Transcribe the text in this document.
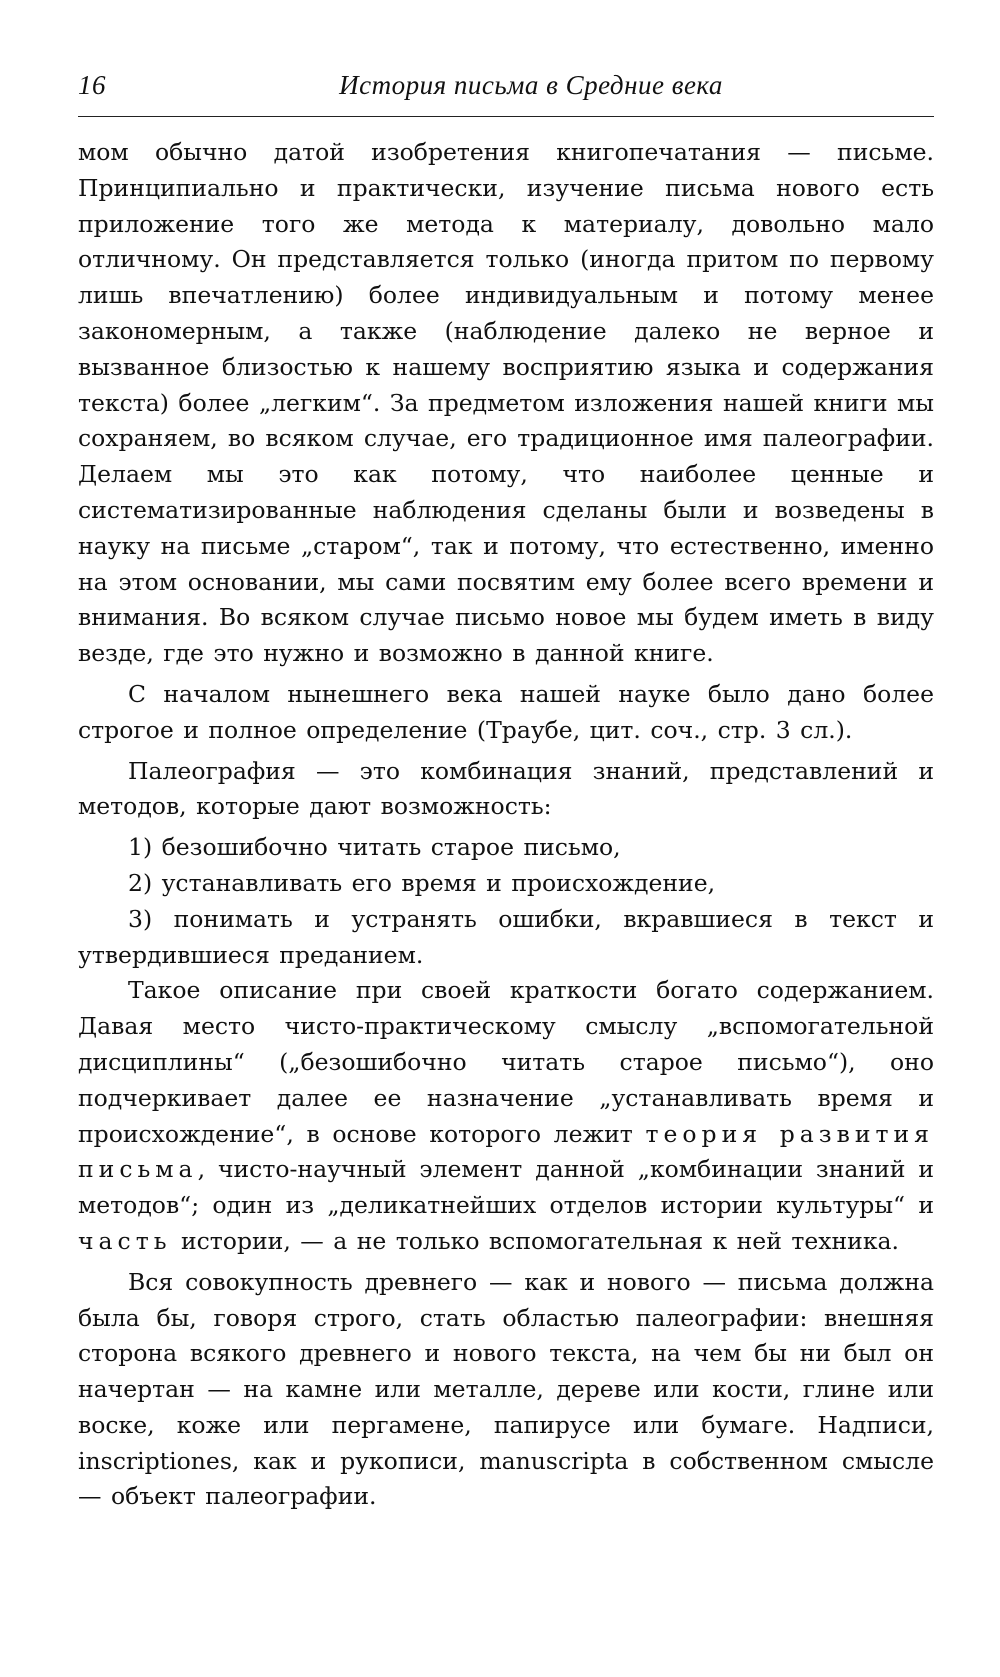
16	История письма в Средние века

мом обычно датой изобретения книгопечатания — письме. Принципиально и практически, изучение письма нового есть приложение того же метода к материалу, довольно мало отличному. Он представляется только (иногда притом по первому лишь впечатлению) более индивидуальным и потому менее закономерным, а также (наблюдение далеко не верное и вызванное близостью к нашему восприятию языка и содержания текста) более „легким“. За предметом изложения нашей книги мы сохраняем, во всяком случае, его традиционное имя палеографии. Делаем мы это как потому, что наиболее ценные и систематизированные наблюдения сделаны были и возведены в науку на письме „старом“, так и потому, что естественно, именно на этом основании, мы сами посвятим ему более всего времени и внимания. Во всяком случае письмо новое мы будем иметь в виду везде, где это нужно и возможно в данной книге.

С началом нынешнего века нашей науке было дано более строгое и полное определение (Траубе, цит. соч., стр. 3 сл.).

Палеография — это комбинация знаний, представлений и методов, которые дают возможность:

1) безошибочно читать старое письмо,

2) устанавливать его время и происхождение,

3) понимать и устранять ошибки, вкравшиеся в текст и утвердившиеся преданием.

Такое описание при своей краткости богато содержанием. Давая место чисто-практическому смыслу „вспомогательной дисциплины“ („безошибочно читать старое письмо“), оно подчеркивает далее ее назначение „устанавливать время и происхождение“, в основе которого лежит теория развития письма, чисто-научный элемент данной „комбинации знаний и методов“; один из „деликатнейших отделов истории культуры“ и часть истории, — а не только вспомогательная к ней техника.

Вся совокупность древнего — как и нового — письма должна была бы, говоря строго, стать областью палеографии: внешняя сторона всякого древнего и нового текста, на чем бы ни был он начертан — на камне или металле, дереве или кости, глине или воске, коже или пергамене, папирусе или бумаге. Надписи, inscriptiones, как и рукописи, manuscripta в собственном смысле — объект палеографии.
